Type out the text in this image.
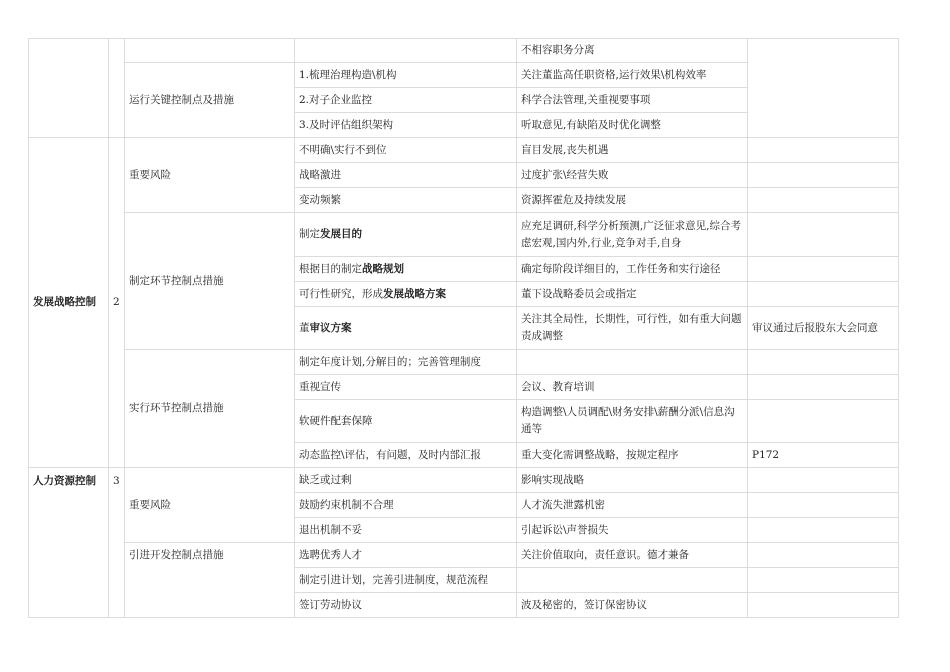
				不相容职务分离	
		运行关键控制点及措施	1.梳理治理构造\机构	关注董监高任职资格,运行效果\机构效率	
			2.对子企业监控	科学合法管理,关重视要事项	
			3.及时评估组织架构	听取意见,有缺陷及时优化调整	
发展战略控制	2	重要风险	不明确\实行不到位	盲目发展,丧失机遇	
			战略激进	过度扩张\经营失败	
			变动频繁	资源挥霍危及持续发展	
		制定环节控制点措施	制定发展目的	应充足调研,科学分析预测,广泛征求意见,综合考虑宏观,国内外,行业,竞争对手,自身	
			根据目的制定战略规划	确定每阶段详细目的，工作任务和实行途径	
			可行性研究，形成发展战略方案	董下设战略委员会或指定	
			董审议方案	关注其全局性，长期性，可行性，如有重大问题责成调整	审议通过后报股东大会同意
		实行环节控制点措施	制定年度计划,分解目的；完善管理制度		
			重视宣传	会议、教育培训	
			软硬件配套保障	构造调整\人员调配\财务安排\薪酬分派\信息沟通等	
			动态监控\评估，有问题，及时内部汇报	重大变化需调整战略，按规定程序	P172
人力资源控制	3	重要风险	缺乏或过剩	影响实现战略	
			鼓励约束机制不合理	人才流失泄露机密	
			退出机制不妥	引起诉讼\声誉损失	
		引进开发控制点措施	选聘优秀人才	关注价值取向，责任意识。德才兼备	
			制定引进计划，完善引进制度，规范流程		
			签订劳动协议	波及秘密的，签订保密协议	
